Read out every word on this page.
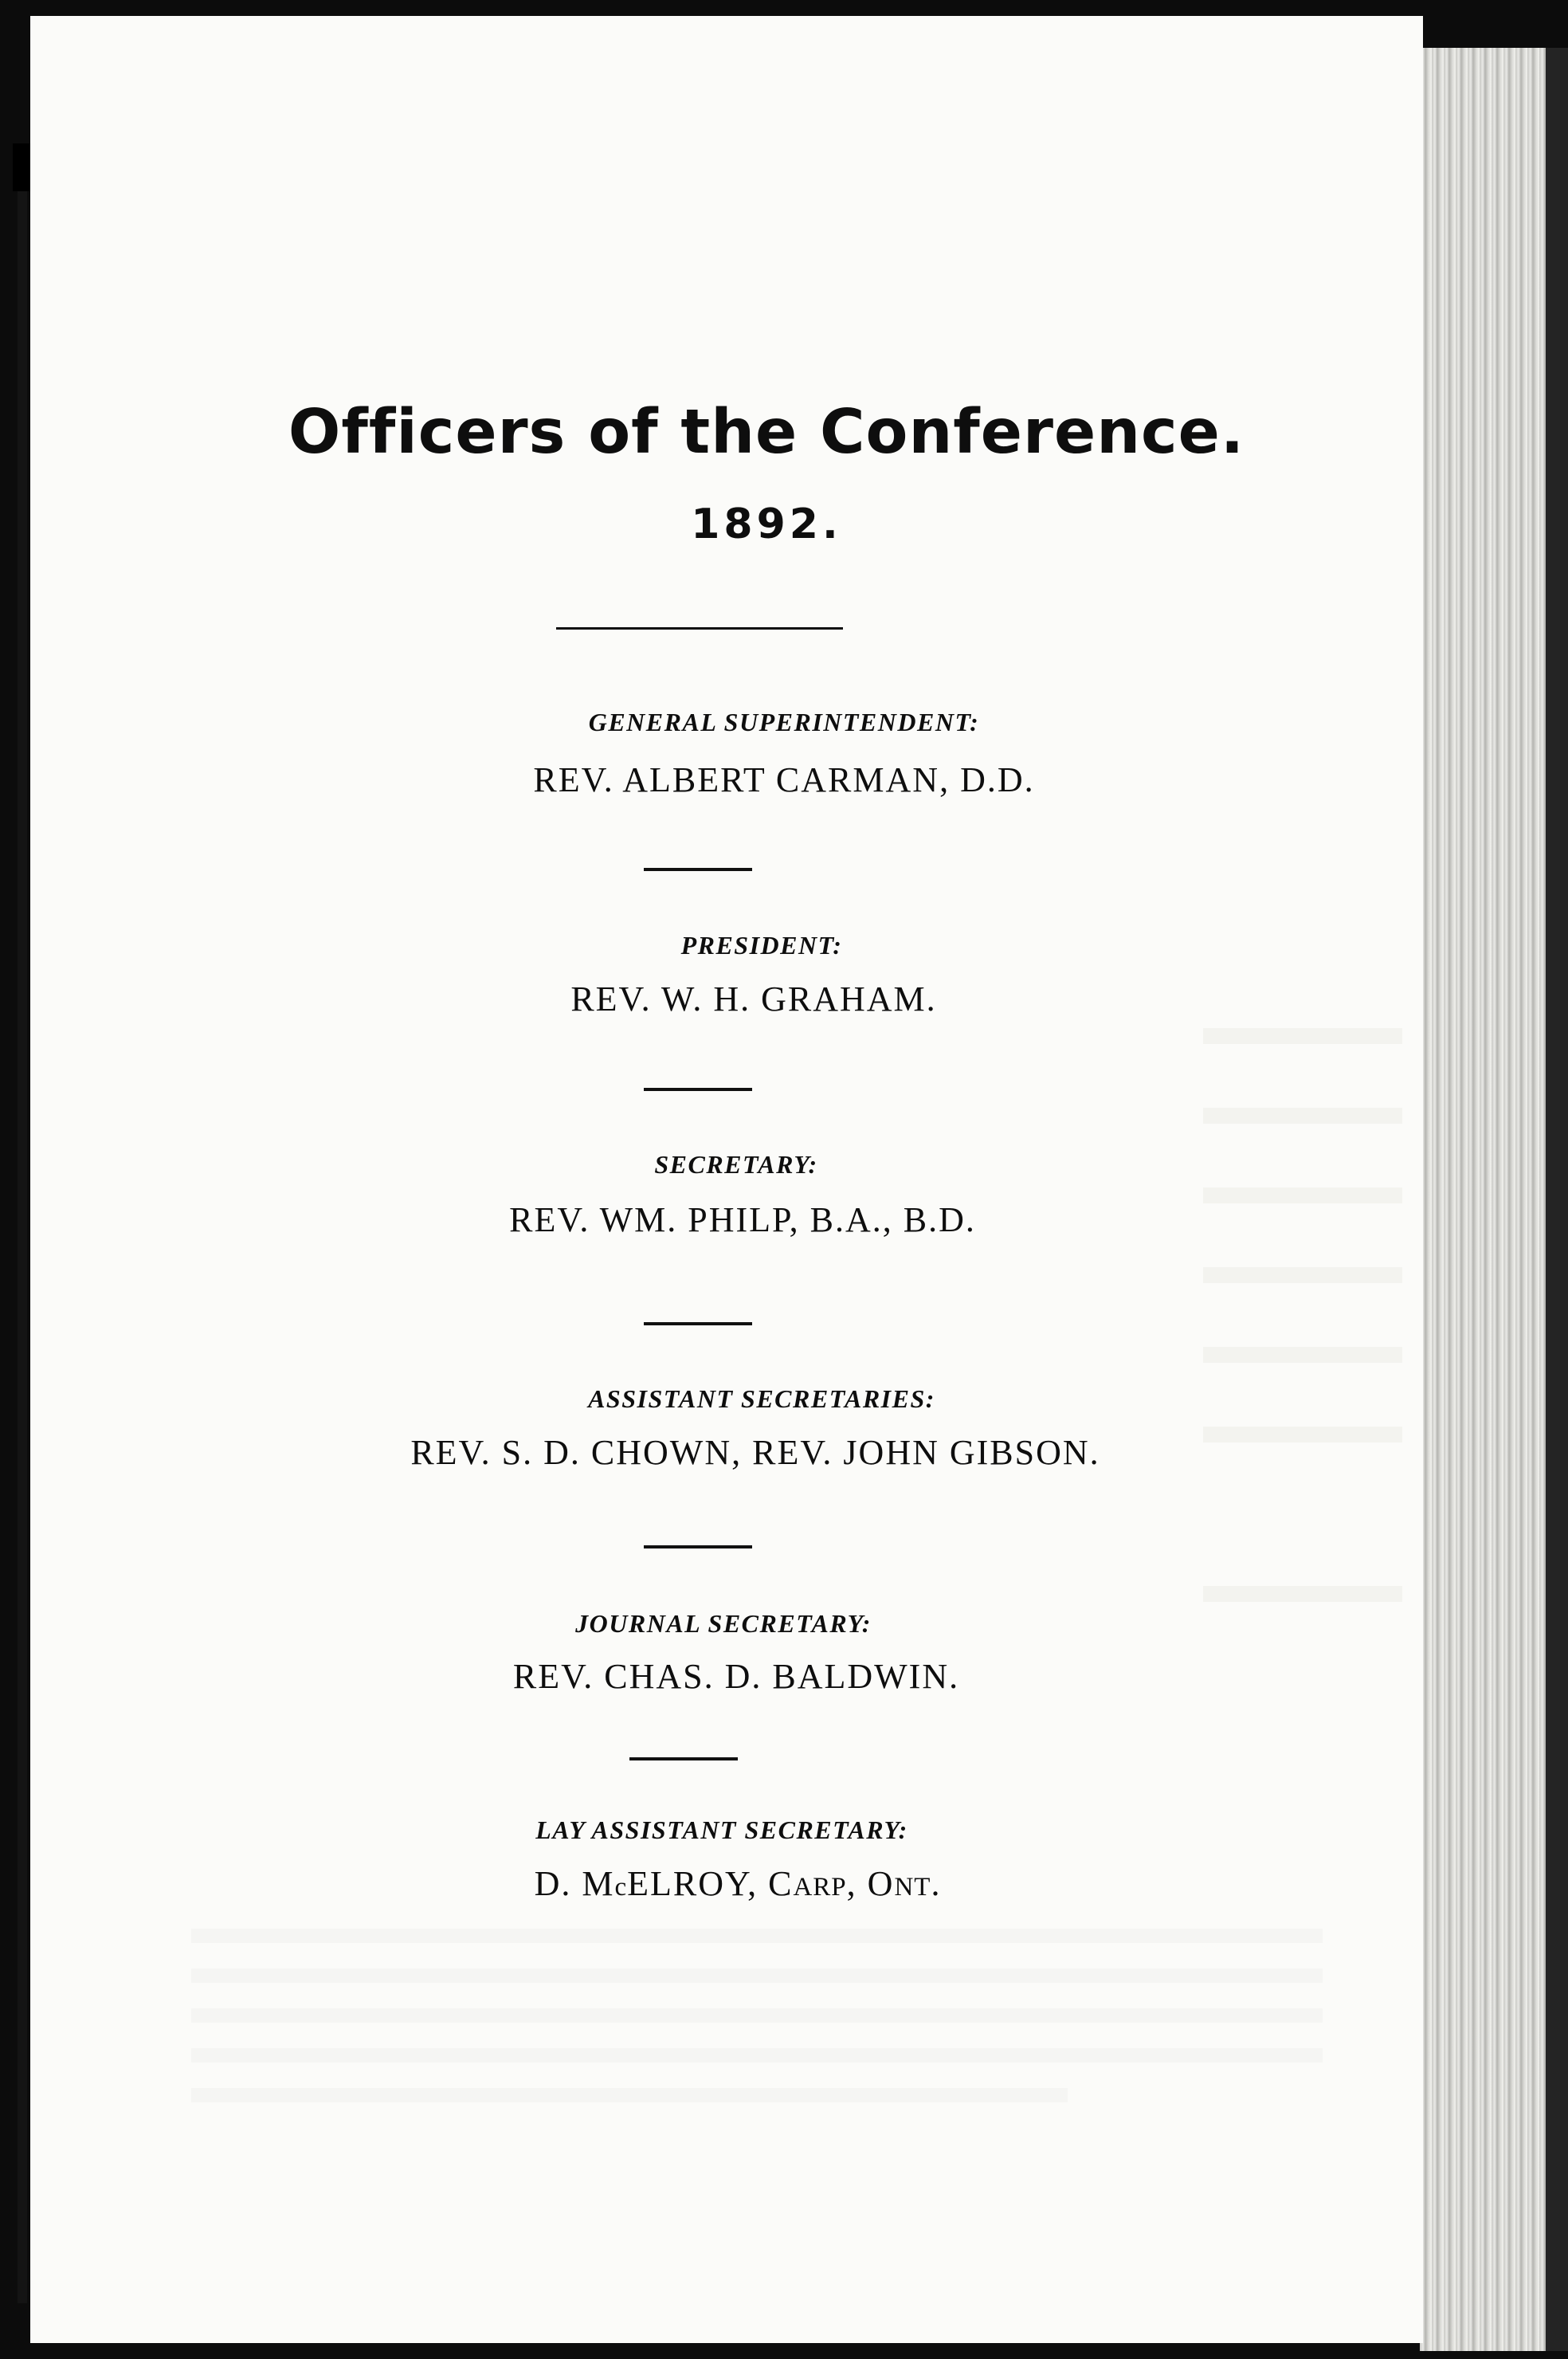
Officers of the Conference.
1892.
GENERAL SUPERINTENDENT:
REV. ALBERT CARMAN, D.D.
PRESIDENT:
REV. W. H. GRAHAM.
SECRETARY:
REV. WM. PHILP, B.A., B.D.
ASSISTANT SECRETARIES:
REV. S. D. CHOWN, REV. JOHN GIBSON.
JOURNAL SECRETARY:
REV. CHAS. D. BALDWIN.
LAY ASSISTANT SECRETARY:
D. McELROY, CARP, ONT.
